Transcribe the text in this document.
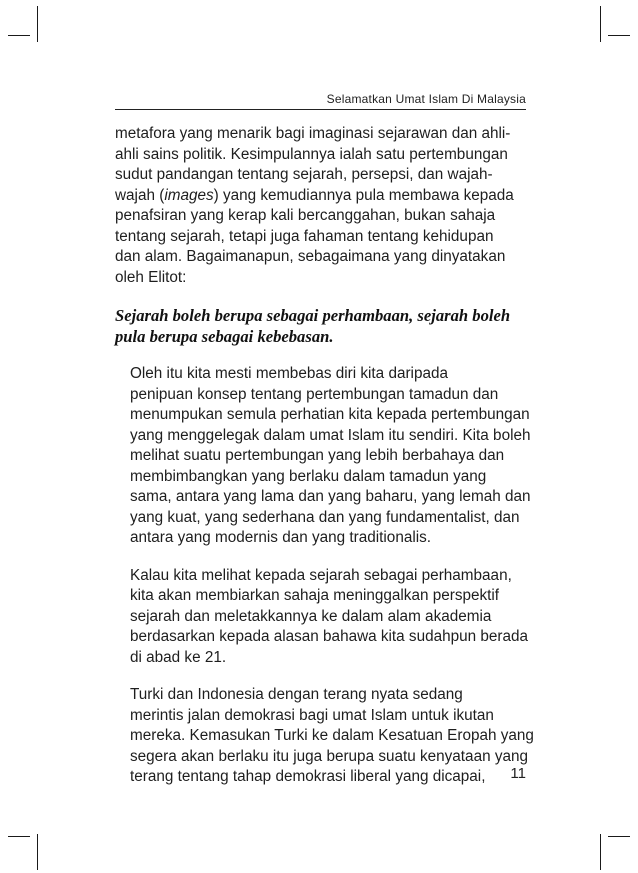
Selamatkan Umat Islam Di Malaysia

metafora yang menarik bagi imaginasi sejarawan dan ahli-
ahli sains politik. Kesimpulannya ialah satu pertembungan
sudut pandangan tentang sejarah, persepsi, dan wajah-
wajah (images) yang kemudiannya pula membawa kepada
penafsiran yang kerap kali bercanggahan, bukan sahaja
tentang sejarah, tetapi juga fahaman tentang kehidupan
dan alam. Bagaimanapun, sebagaimana yang dinyatakan
oleh Elitot:

Sejarah boleh berupa sebagai perhambaan, sejarah boleh
pula berupa sebagai kebebasan.

Oleh itu kita mesti membebas diri kita daripada
penipuan konsep tentang pertembungan tamadun dan
menumpukan semula perhatian kita kepada pertembungan
yang menggelegak dalam umat Islam itu sendiri. Kita boleh
melihat suatu pertembungan yang lebih berbahaya dan
membimbangkan yang berlaku dalam tamadun yang
sama, antara yang lama dan yang baharu, yang lemah dan
yang kuat, yang sederhana dan yang fundamentalist, dan
antara yang modernis dan yang traditionalis.

Kalau kita melihat kepada sejarah sebagai perhambaan,
kita akan membiarkan sahaja meninggalkan perspektif
sejarah dan meletakkannya ke dalam alam akademia
berdasarkan kepada alasan bahawa kita sudahpun berada
di abad ke 21.

Turki dan Indonesia dengan terang nyata sedang
merintis jalan demokrasi bagi umat Islam untuk ikutan
mereka. Kemasukan Turki ke dalam Kesatuan Eropah yang
segera akan berlaku itu juga berupa suatu kenyataan yang
terang tentang tahap demokrasi liberal yang dicapai,	11
